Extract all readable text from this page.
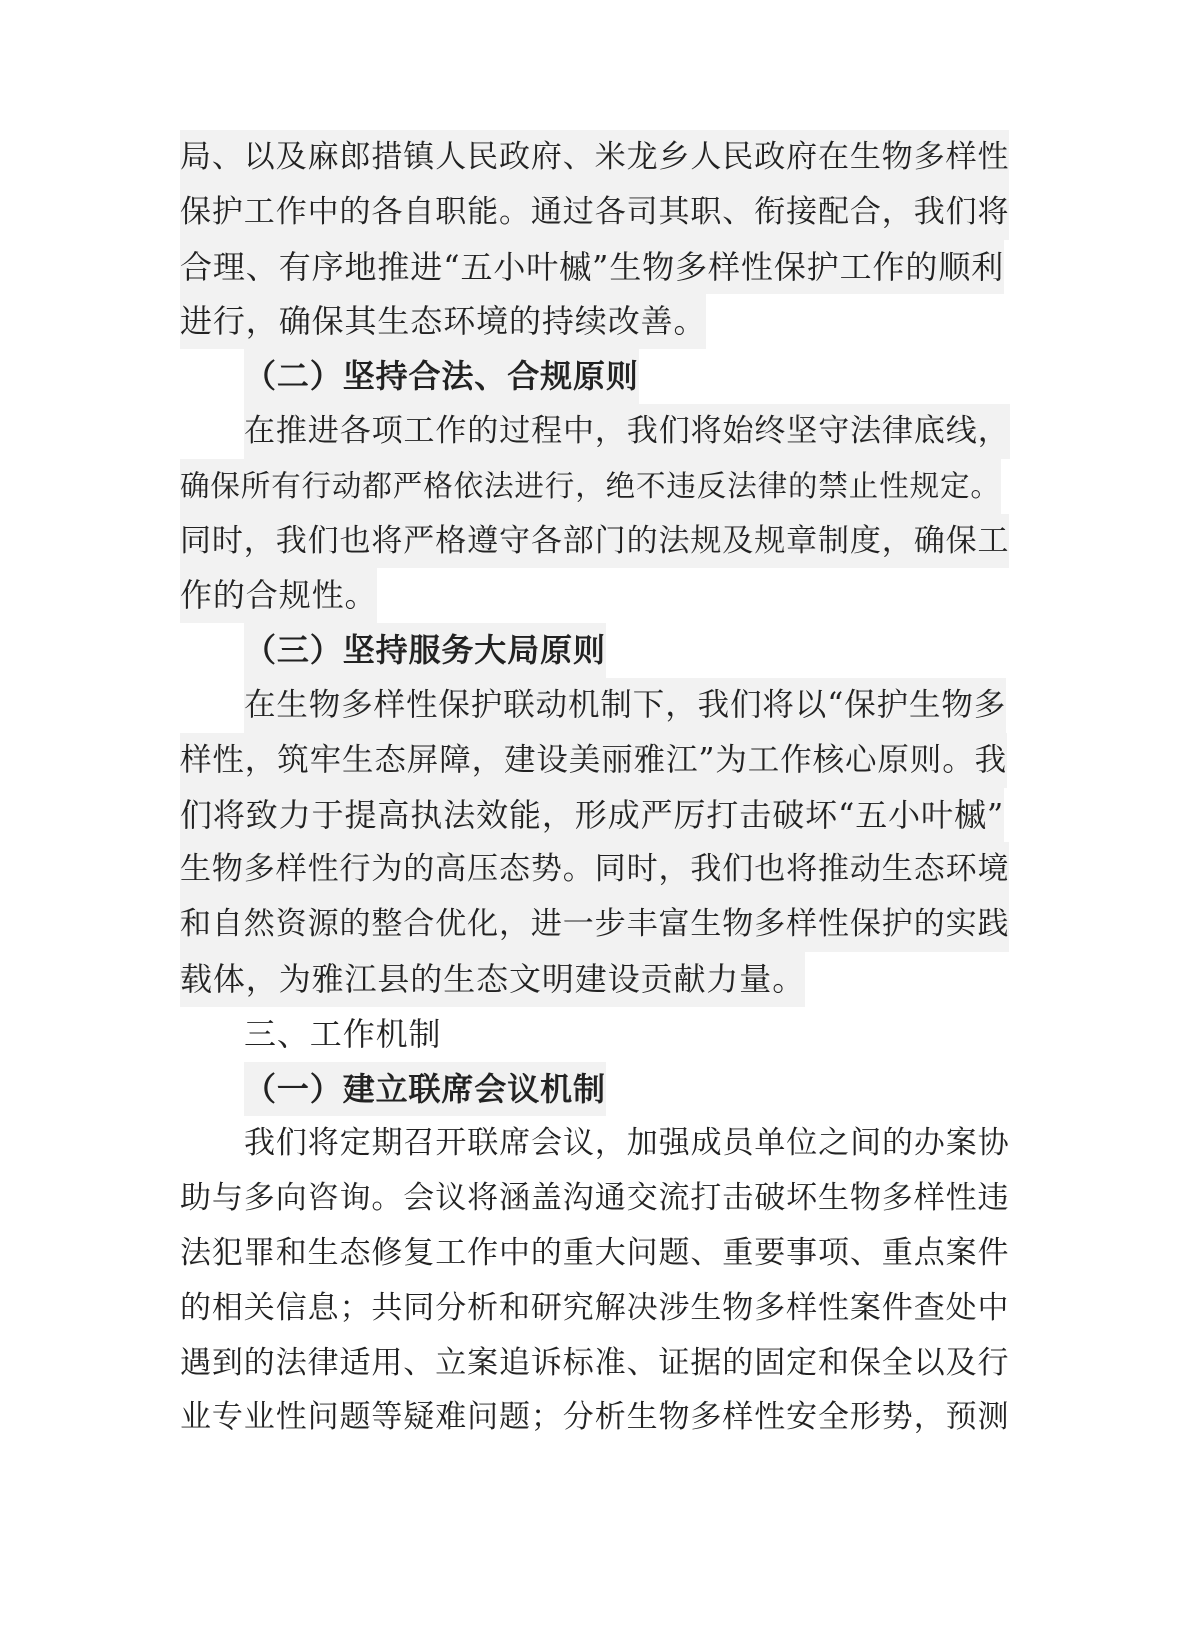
局、以及麻郎措镇人民政府、米龙乡人民政府在生物多样性
保护工作中的各自职能。通过各司其职、衔接配合，我们将
合理、有序地推进“五小叶槭”生物多样性保护工作的顺利
进行，确保其生态环境的持续改善。
（二）坚持合法、合规原则
在推进各项工作的过程中，我们将始终坚守法律底线，
确保所有行动都严格依法进行，绝不违反法律的禁止性规定。
同时，我们也将严格遵守各部门的法规及规章制度，确保工
作的合规性。
（三）坚持服务大局原则
在生物多样性保护联动机制下，我们将以“保护生物多
样性，筑牢生态屏障，建设美丽雅江”为工作核心原则。我
们将致力于提高执法效能，形成严厉打击破坏“五小叶槭”
生物多样性行为的高压态势。同时，我们也将推动生态环境
和自然资源的整合优化，进一步丰富生物多样性保护的实践
载体，为雅江县的生态文明建设贡献力量。
三、工作机制
（一）建立联席会议机制
我们将定期召开联席会议，加强成员单位之间的办案协
助与多向咨询。会议将涵盖沟通交流打击破坏生物多样性违
法犯罪和生态修复工作中的重大问题、重要事项、重点案件
的相关信息；共同分析和研究解决涉生物多样性案件查处中
遇到的法律适用、立案追诉标准、证据的固定和保全以及行
业专业性问题等疑难问题；分析生物多样性安全形势，预测
